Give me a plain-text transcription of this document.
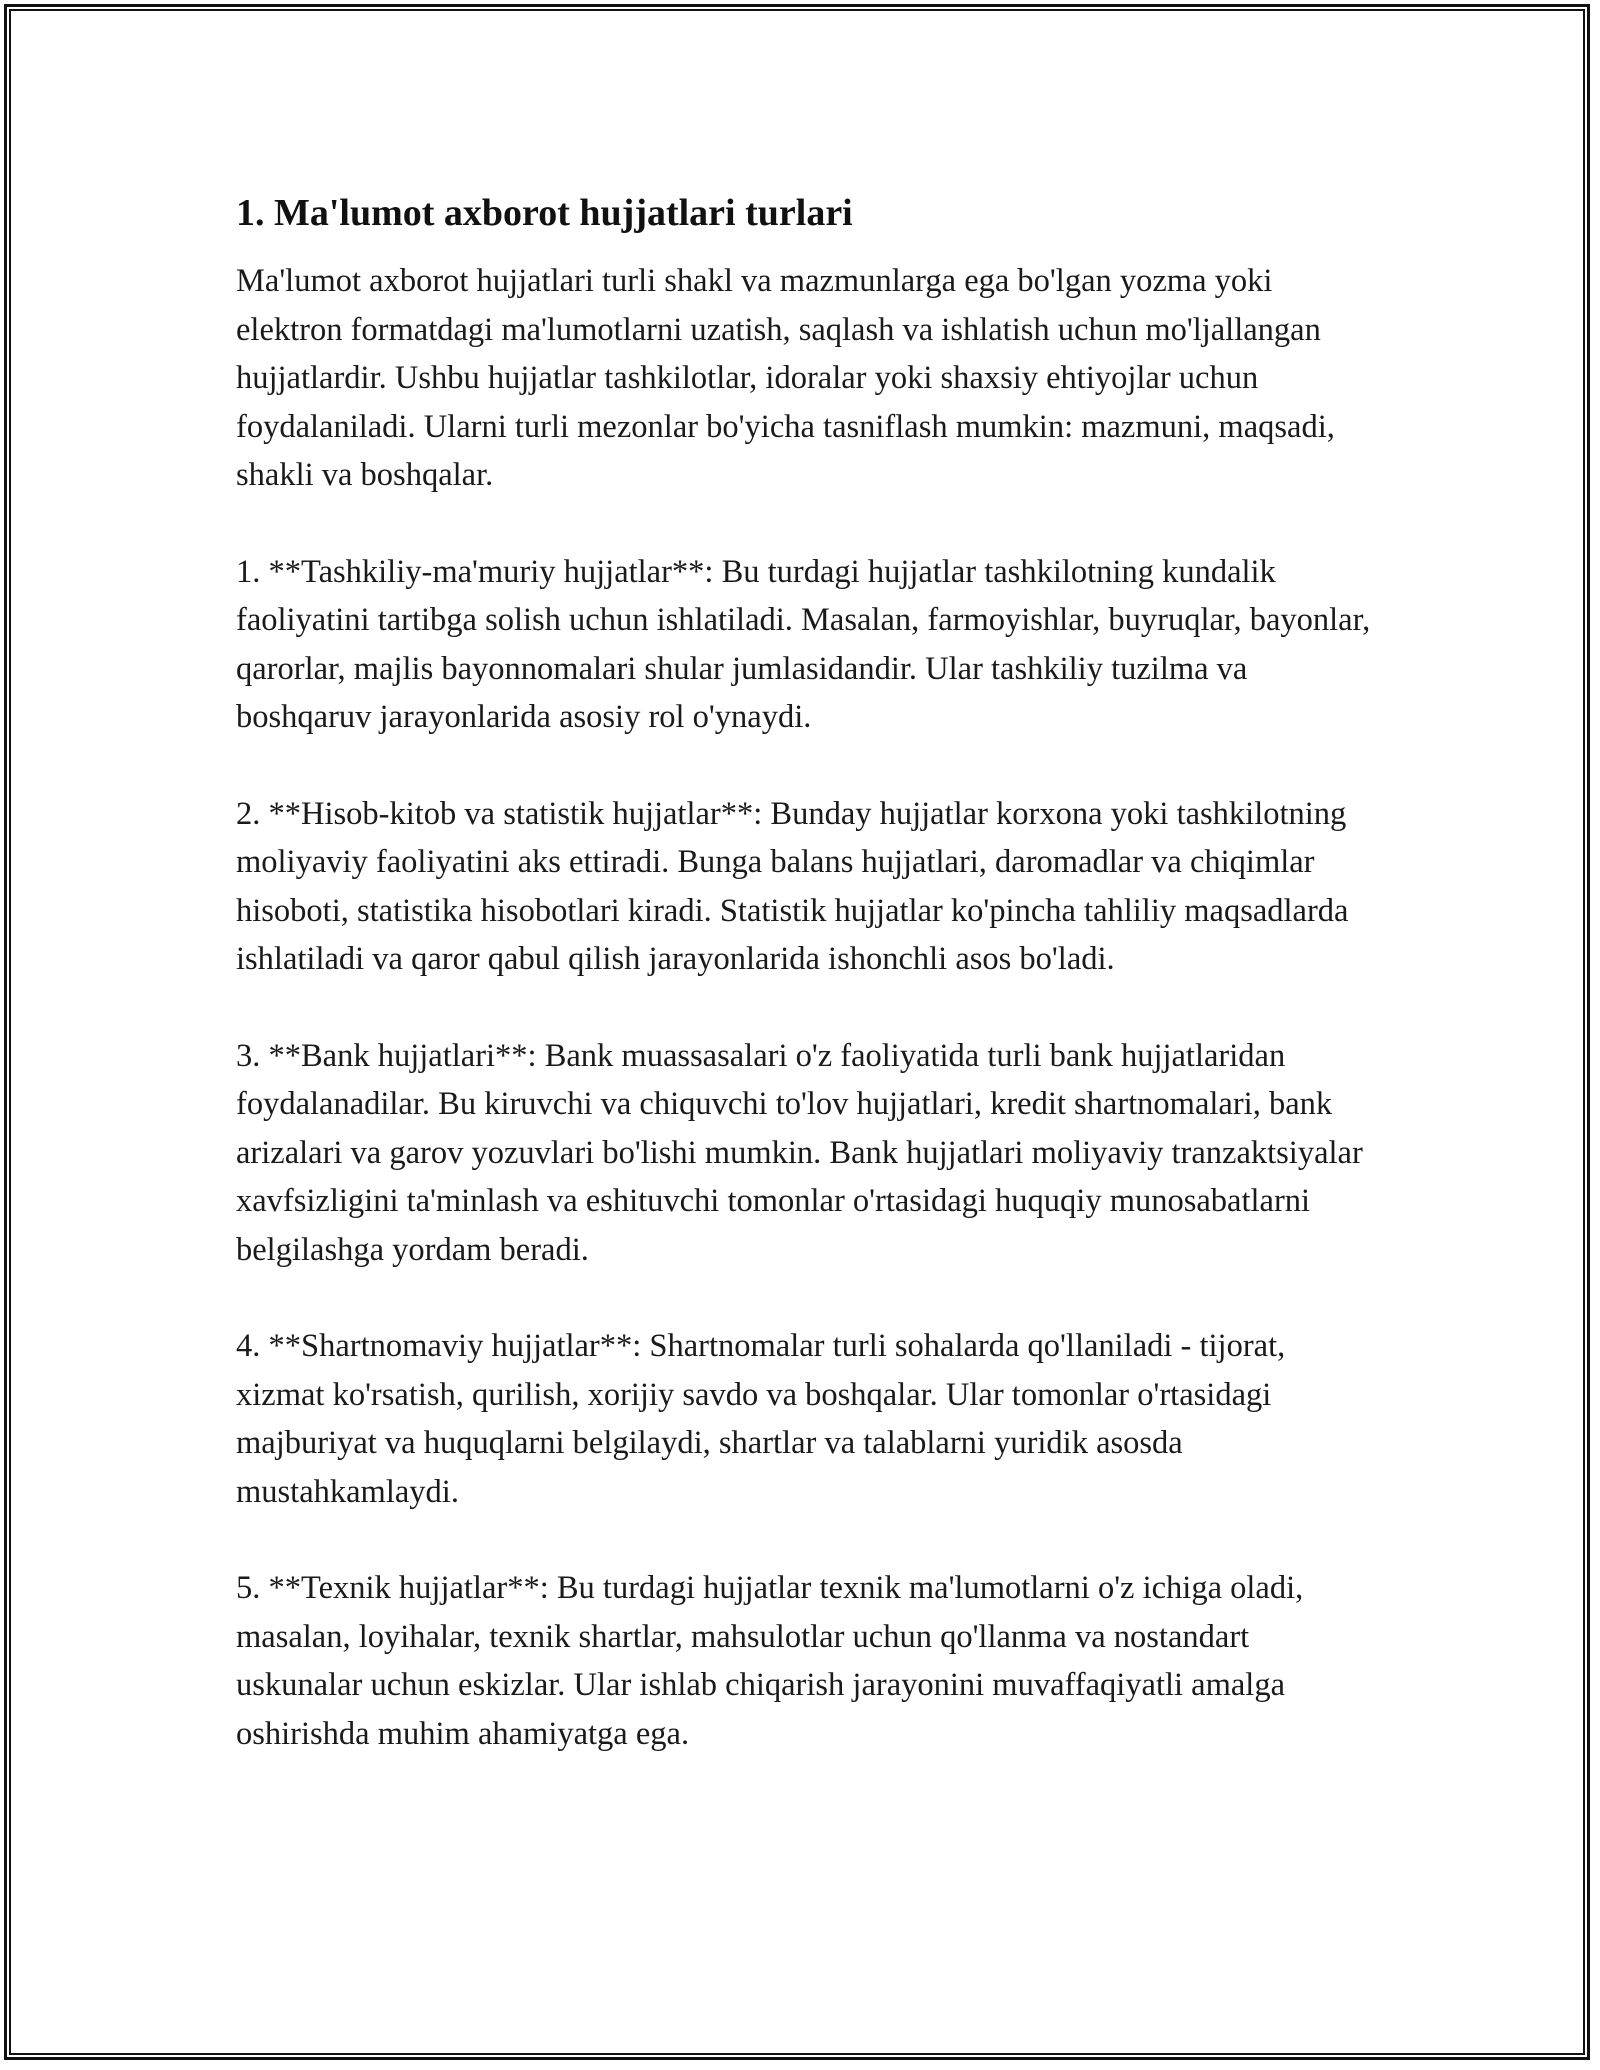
1. Ma'lumot axborot hujjatlari turlari

Ma'lumot axborot hujjatlari turli shakl va mazmunlarga ega bo'lgan yozma yoki elektron formatdagi ma'lumotlarni uzatish, saqlash va ishlatish uchun mo'ljallangan hujjatlardir. Ushbu hujjatlar tashkilotlar, idoralar yoki shaxsiy ehtiyojlar uchun foydalaniladi. Ularni turli mezonlar bo'yicha tasniflash mumkin: mazmuni, maqsadi, shakli va boshqalar.

1. **Tashkiliy-ma'muriy hujjatlar**: Bu turdagi hujjatlar tashkilotning kundalik faoliyatini tartibga solish uchun ishlatiladi. Masalan, farmoyishlar, buyruqlar, bayonlar, qarorlar, majlis bayonnomalari shular jumlasidandir. Ular tashkiliy tuzilma va boshqaruv jarayonlarida asosiy rol o'ynaydi.

2. **Hisob-kitob va statistik hujjatlar**: Bunday hujjatlar korxona yoki tashkilotning moliyaviy faoliyatini aks ettiradi. Bunga balans hujjatlari, daromadlar va chiqimlar hisoboti, statistika hisobotlari kiradi. Statistik hujjatlar ko'pincha tahliliy maqsadlarda ishlatiladi va qaror qabul qilish jarayonlarida ishonchli asos bo'ladi.

3. **Bank hujjatlari**: Bank muassasalari o'z faoliyatida turli bank hujjatlaridan foydalanadilar. Bu kiruvchi va chiquvchi to'lov hujjatlari, kredit shartnomalari, bank arizalari va garov yozuvlari bo'lishi mumkin. Bank hujjatlari moliyaviy tranzaktsiyalar xavfsizligini ta'minlash va eshituvchi tomonlar o'rtasidagi huquqiy munosabatlarni belgilashga yordam beradi.

4. **Shartnomaviy hujjatlar**: Shartnomalar turli sohalarda qo'llaniladi - tijorat, xizmat ko'rsatish, qurilish, xorijiy savdo va boshqalar. Ular tomonlar o'rtasidagi majburiyat va huquqlarni belgilaydi, shartlar va talablarni yuridik asosda mustahkamlaydi.

5. **Texnik hujjatlar**: Bu turdagi hujjatlar texnik ma'lumotlarni o'z ichiga oladi, masalan, loyihalar, texnik shartlar, mahsulotlar uchun qo'llanma va nostandart uskunalar uchun eskizlar. Ular ishlab chiqarish jarayonini muvaffaqiyatli amalga oshirishda muhim ahamiyatga ega.
